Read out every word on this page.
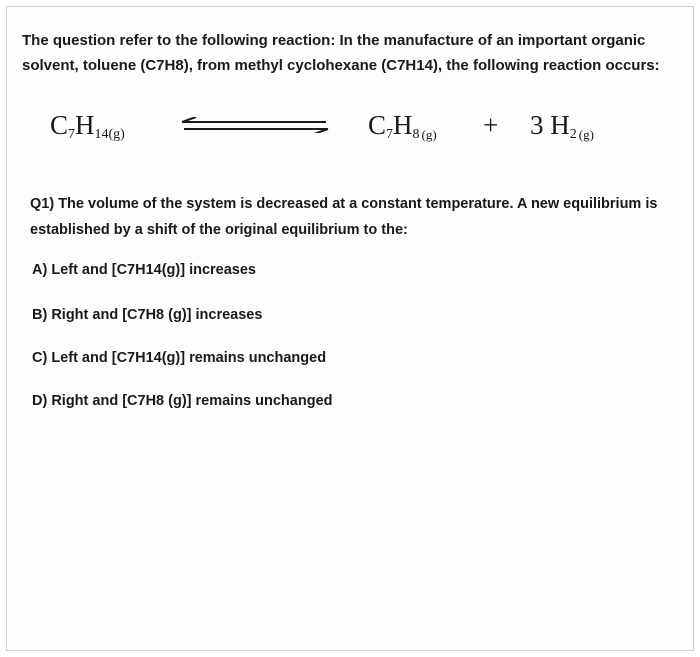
The question refer to the following reaction: In the manufacture of an important organic solvent, toluene (C7H8), from methyl cyclohexane (C7H14), the following reaction occurs:

$C_7H_{14(g)}$	$C_7H_8$ (g) + 3 $H_2$ (g)

Q1) The volume of the system is decreased at a constant temperature. A new equilibrium is established by a shift of the original equilibrium to the:

A) Left and [C7H14(g)] increases
B) Right and [C7H8 (g)] increases
C) Left and [C7H14(g)] remains unchanged
D) Right and [C7H8 (g)] remains unchanged
